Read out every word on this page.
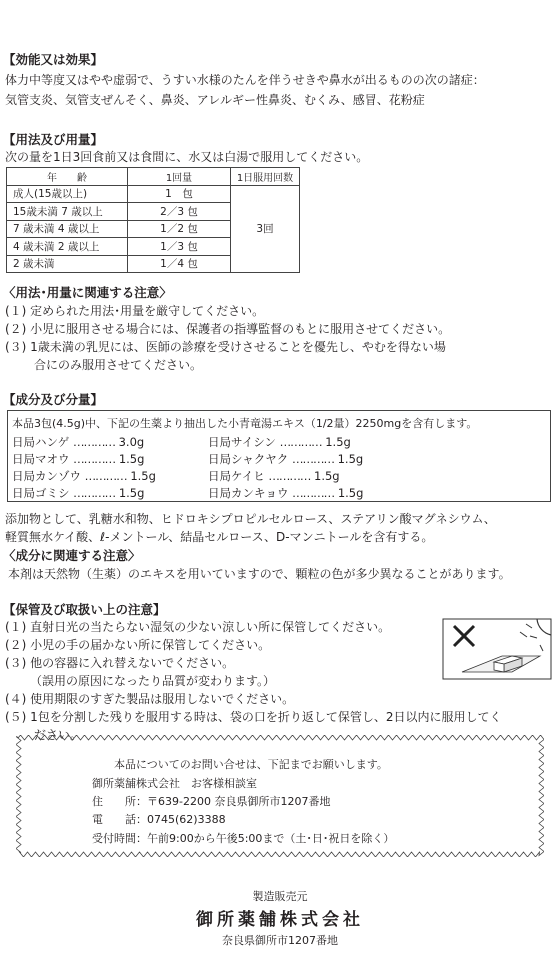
【効能又は効果】
体力中等度又はやや虚弱で、うすい水様のたんを伴うせきや鼻水が出るものの次の諸症：
気管支炎、気管支ぜんそく、鼻炎、アレルギー性鼻炎、むくみ、感冒、花粉症
【用法及び用量】
次の量を1日3回食前又は食間に、水又は白湯で服用してください。
年　　齢	1回量	1日服用回数
成人(15歳以上)	1　包	3回
15歳未満 7 歳以上	2／3 包	
7 歳未満 4 歳以上	1／2 包	
4 歳未満 2 歳以上	1／3 包	
2 歳未満	1／4 包	
〈用法･用量に関連する注意〉
(１) 定められた用法･用量を厳守してください。
(２) 小児に服用させる場合には、保護者の指導監督のもとに服用させてください。
(３) 1歳未満の乳児には、医師の診療を受けさせることを優先し、やむを得ない場
合にのみ服用させてください。
【成分及び分量】
本品3包(4.5g)中、下記の生薬より抽出した小青竜湯エキス（1/2量）2250mgを含有します。
日局ハンゲ ………… 3.0g
日局マオウ ………… 1.5g
日局カンゾウ ………… 1.5g
日局ゴミシ ………… 1.5g
日局サイシン ………… 1.5g
日局シャクヤク ………… 1.5g
日局ケイヒ ………… 1.5g
日局カンキョウ ………… 1.5g
添加物として、乳糖水和物、ヒドロキシプロピルセルロース、ステアリン酸マグネシウム、
軽質無水ケイ酸、ℓ-メントール、結晶セルロース、D-マンニトールを含有する。
〈成分に関連する注意〉
本剤は天然物（生薬）のエキスを用いていますので、顆粒の色が多少異なることがあります。
【保管及び取扱い上の注意】
(１) 直射日光の当たらない湿気の少ない涼しい所に保管してください。
(２) 小児の手の届かない所に保管してください。
(３) 他の容器に入れ替えないでください。
（誤用の原因になったり品質が変わります。）
(４) 使用期限のすぎた製品は服用しないでください。
(５) 1包を分割した残りを服用する時は、袋の口を折り返して保管し、2日以内に服用してく
ださい。
本品についてのお問い合せは、下記までお願いします。
御所薬舗株式会社　お客様相談室
住　　所：〒639-2200 奈良県御所市1207番地
電　　話：0745(62)3388
受付時間：午前9:00から午後5:00まで（土･日･祝日を除く）
製造販売元
御所薬舗株式会社
奈良県御所市1207番地
